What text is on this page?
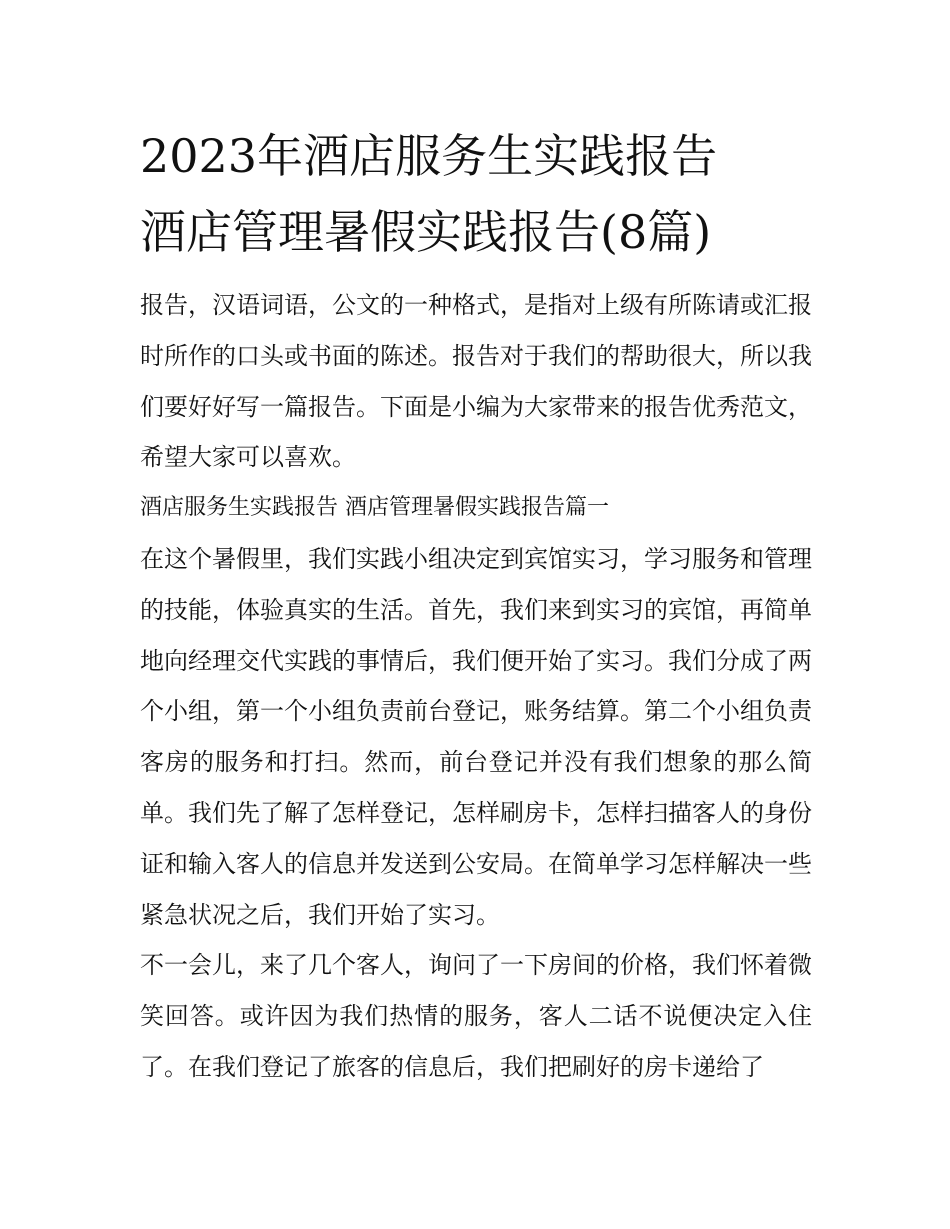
2023年酒店服务生实践报告
酒店管理暑假实践报告(8篇)

报告，汉语词语，公文的一种格式，是指对上级有所陈请或汇报时所作的口头或书面的陈述。报告对于我们的帮助很大，所以我们要好好写一篇报告。下面是小编为大家带来的报告优秀范文，希望大家可以喜欢。

酒店服务生实践报告 酒店管理暑假实践报告篇一

在这个暑假里，我们实践小组决定到宾馆实习，学习服务和管理的技能，体验真实的生活。首先，我们来到实习的宾馆，再简单地向经理交代实践的事情后，我们便开始了实习。我们分成了两个小组，第一个小组负责前台登记，账务结算。第二个小组负责客房的服务和打扫。然而，前台登记并没有我们想象的那么简单。我们先了解了怎样登记，怎样刷房卡，怎样扫描客人的身份证和输入客人的信息并发送到公安局。在简单学习怎样解决一些紧急状况之后，我们开始了实习。

不一会儿，来了几个客人，询问了一下房间的价格，我们怀着微笑回答。或许因为我们热情的服务，客人二话不说便决定入住了。在我们登记了旅客的信息后，我们把刷好的房卡递给了
